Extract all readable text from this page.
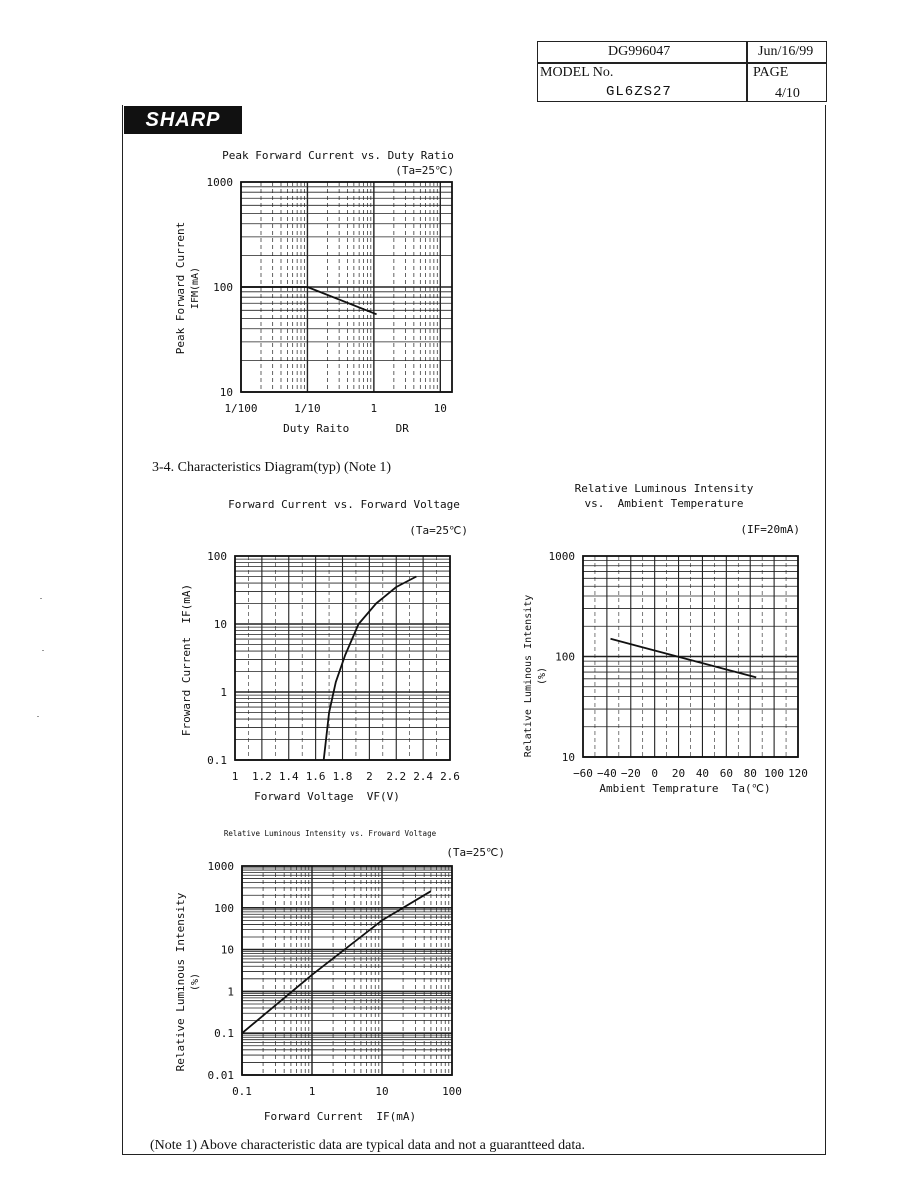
DG996047	Jun/16/99
MODEL No.
GL6ZS27
PAGE
4/10
SHARP
3-4. Characteristics Diagram(typ) (Note 1)
(Note 1) Above characteristic data are typical data and not a guarantteed data.
Peak Forward Current vs. Duty Ratio
(Ta=25℃)
Peak Forward Current IFM(mA)
Duty Raito       DR
1000
100
10
1/100	1/10	1	10
Forward Current vs. Forward Voltage
(Ta=25℃)
Froward Current  IF(mA)
Forward Voltage  VF(V)
100
10
1
0.1
1 1.2 1.4 1.6 1.8 2 2.2 2.4 2.6
Relative Luminous Intensity
vs.  Ambient Temperature
(IF=20mA)
Relative Luminous Intensity (%)
Ambient Temprature  Ta(℃)
1000
100
10
−60 −40 −20 0 20 40 60 80 100 120
Relative Luminous Intensity vs. Froward Voltage
(Ta=25℃)
Relative Luminous Intensity (%)
Forward Current  IF(mA)
1000
100
10
1
0.1
0.01
0.1	1	10	100
